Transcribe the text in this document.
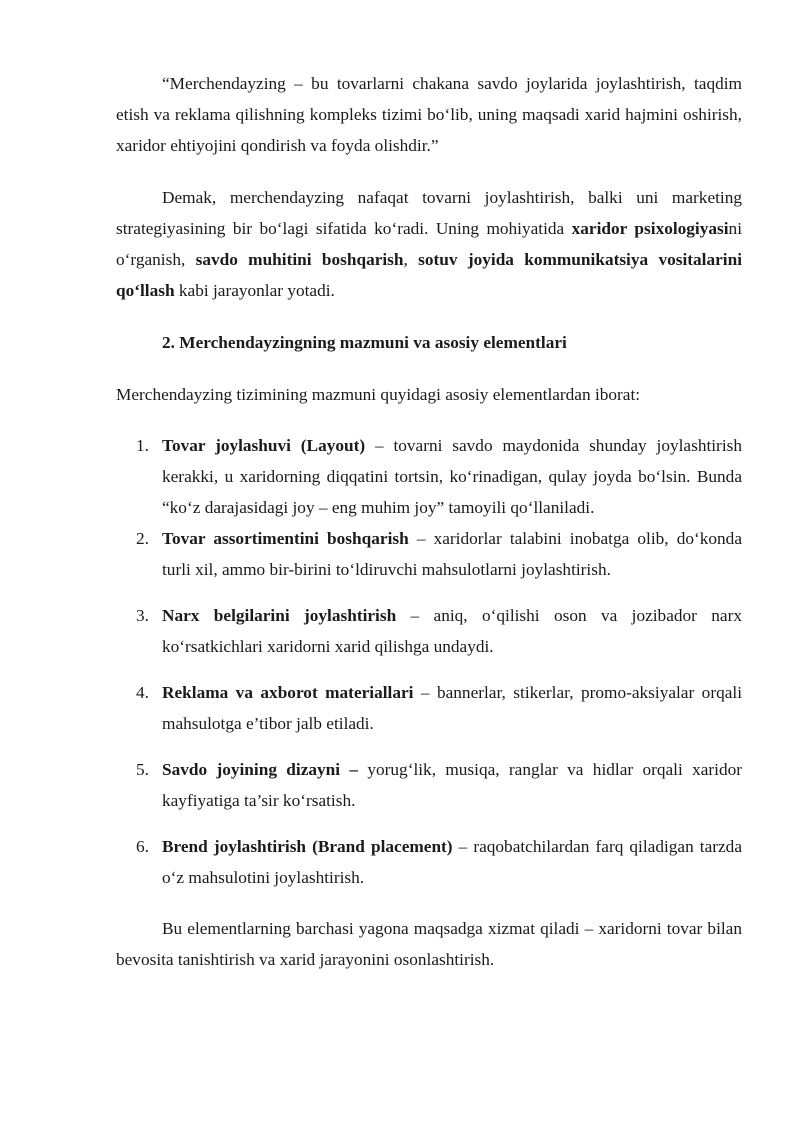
“Merchendayzing – bu tovarlarni chakana savdo joylarida joylashtirish, taqdim etish va reklama qilishning kompleks tizimi boʻlib, uning maqsadi xarid hajmini oshirish, xaridor ehtiyojini qondirish va foyda olishdir.”

Demak, merchendayzing nafaqat tovarni joylashtirish, balki uni marketing strategiyasining bir boʻlagi sifatida koʻradi. Uning mohiyatida xaridor psixologiyasini oʻrganish, savdo muhitini boshqarish, sotuv joyida kommunikatsiya vositalarini qoʻllash kabi jarayonlar yotadi.

2. Merchendayzingning mazmuni va asosiy elementlari

Merchendayzing tizimining mazmuni quyidagi asosiy elementlardan iborat:

1. Tovar joylashuvi (Layout) – tovarni savdo maydonida shunday joylashtirish kerakki, u xaridorning diqqatini tortsin, koʻrinadigan, qulay joyda boʻlsin. Bunda “koʻz darajasidagi joy – eng muhim joy” tamoyili qoʻllaniladi.
2. Tovar assortimentini boshqarish – xaridorlar talabini inobatga olib, doʻkonda turli xil, ammo bir-birini toʻldiruvchi mahsulotlarni joylashtirish.
3. Narx belgilarini joylashtirish – aniq, oʻqilishi oson va jozibador narx koʻrsatkichlari xaridorni xarid qilishga undaydi.
4. Reklama va axborot materiallari – bannerlar, stikerlar, promo-aksiyalar orqali mahsulotga e’tibor jalb etiladi.
5. Savdo joyining dizayni – yorugʻlik, musiqa, ranglar va hidlar orqali xaridor kayfiyatiga ta’sir koʻrsatish.
6. Brend joylashtirish (Brand placement) – raqobatchilardan farq qiladigan tarzda oʻz mahsulotini joylashtirish.

Bu elementlarning barchasi yagona maqsadga xizmat qiladi – xaridorni tovar bilan bevosita tanishtirish va xarid jarayonini osonlashtirish.
